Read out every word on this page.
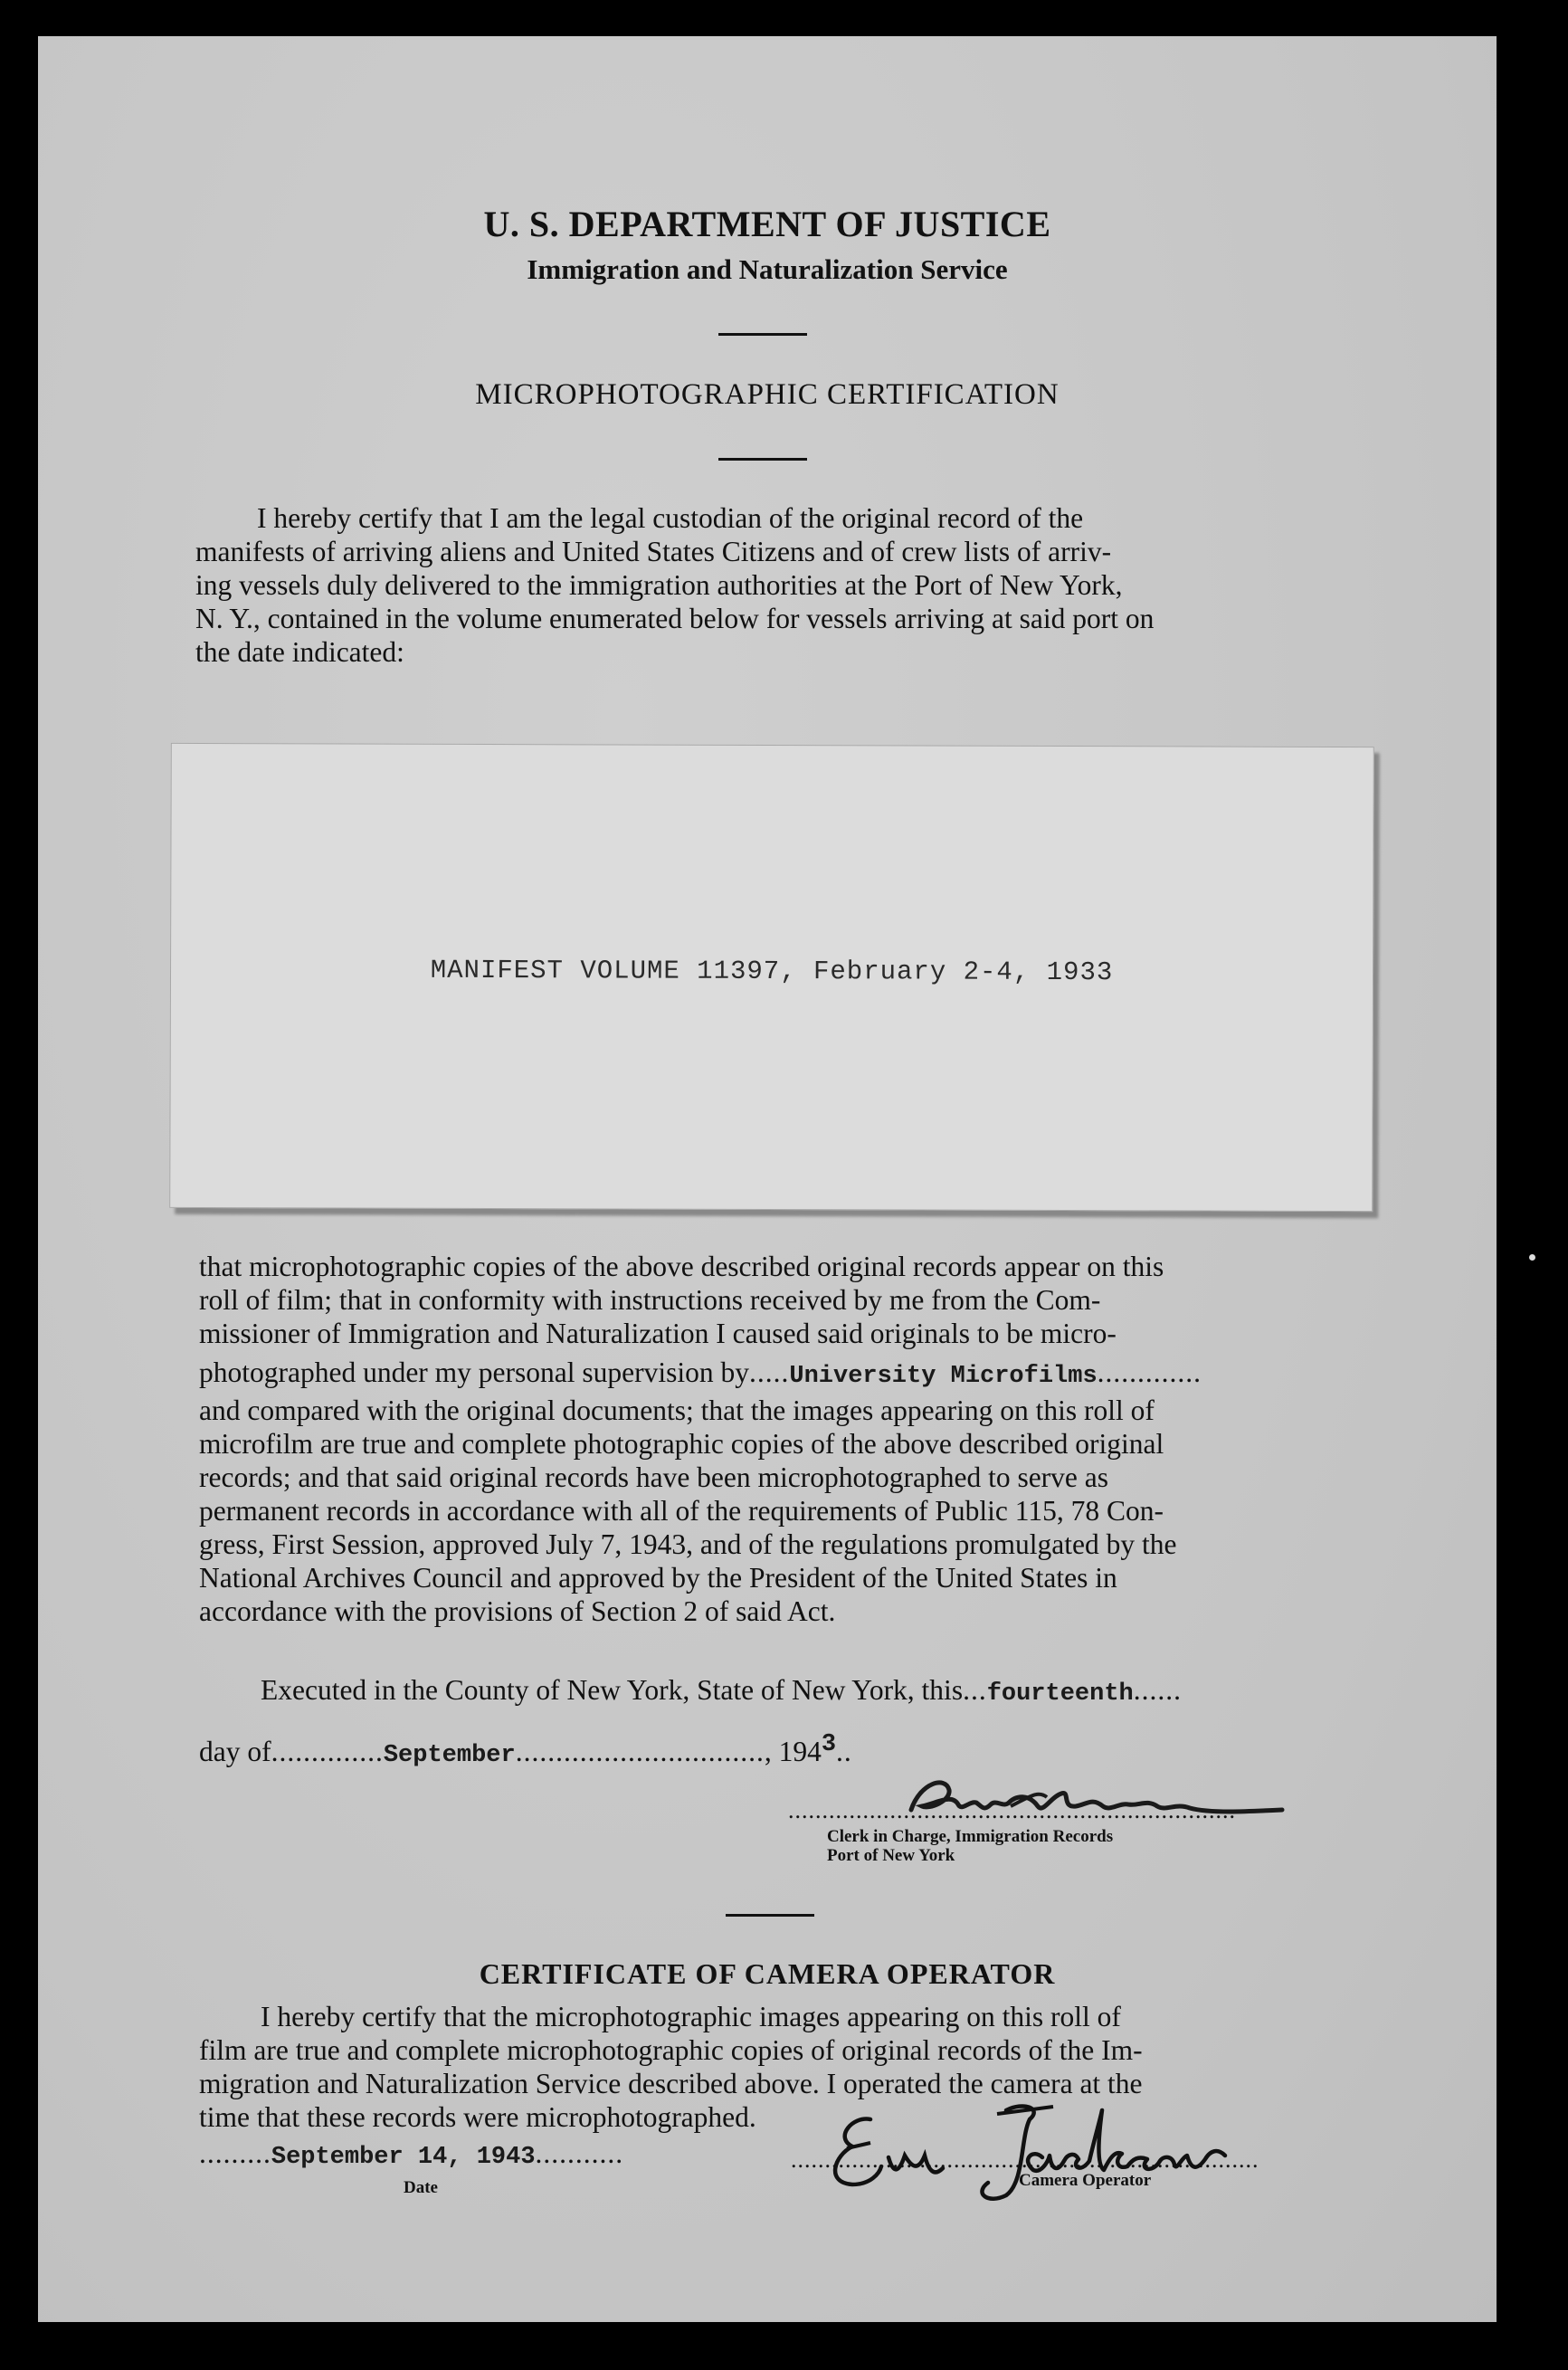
U. S. DEPARTMENT OF JUSTICE
Immigration and Naturalization Service
MICROPHOTOGRAPHIC CERTIFICATION

I hereby certify that I am the legal custodian of the original record of the

manifests of arriving aliens and United States Citizens and of crew lists of arriv-

ing vessels duly delivered to the immigration authorities at the Port of New York,

N. Y., contained in the volume enumerated below for vessels arriving at said port on

the date indicated:

MANIFEST VOLUME 11397, February 2-4, 1933

that microphotographic copies of the above described original records appear on this

roll of film; that in conformity with instructions received by me from the Com-

missioner of Immigration and Naturalization I caused said originals to be micro-

photographed under my personal supervision by.....University Microfilms.............

and compared with the original documents; that the images appearing on this roll of

microfilm are true and complete photographic copies of the above described original

records; and that said original records have been microphotographed to serve as

permanent records in accordance with all of the requirements of Public 115, 78 Con-

gress, First Session, approved July 7, 1943, and of the regulations promulgated by the

National Archives Council and approved by the President of the United States in

accordance with the provisions of Section 2 of said Act.

Executed in the County of New York, State of New York, this...fourteenth......
day of..............September..............................., 1943..
..................................................................
Clerk in Charge, Immigration Records
Port of New York
CERTIFICATE OF CAMERA OPERATOR

I hereby certify that the microphotographic images appearing on this roll of

film are true and complete microphotographic copies of original records of the Im-

migration and Naturalization Service described above. I operated the camera at the

time that these records were microphotographed.

.........September 14, 1943...........
Date
.....................................................................
Camera Operator
